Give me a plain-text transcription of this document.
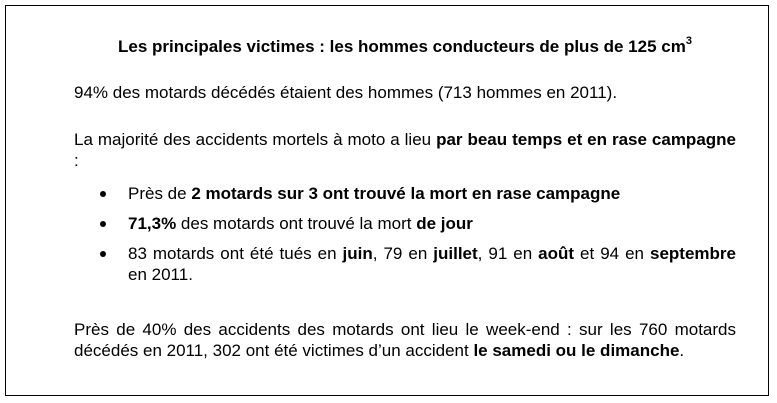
Les principales victimes : les hommes conducteurs de plus de 125 $cm^3$

94% des motards décédés étaient des hommes (713 hommes en 2011).

La majorité des accidents mortels à moto a lieu par beau temps et en rase campagne :

Près de 2 motards sur 3 ont trouvé la mort en rase campagne
71,3% des motards ont trouvé la mort de jour
83 motards ont été tués en juin, 79 en juillet, 91 en août et 94 en septembre en 2011.

Près de 40% des accidents des motards ont lieu le week-end : sur les 760 motards décédés en 2011, 302 ont été victimes d’un accident le samedi ou le dimanche.
